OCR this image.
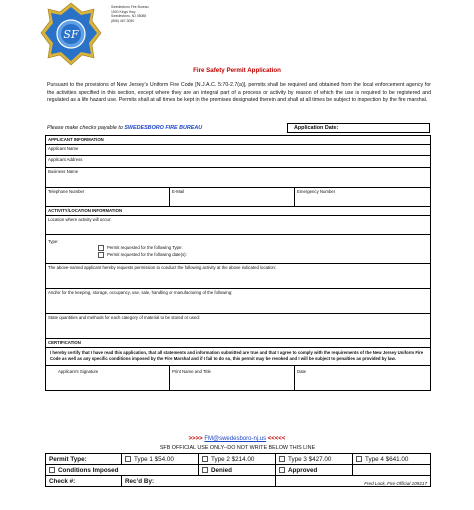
SF
Swedesboro Fire Bureau
1500 Kings Hwy
Swedesboro, NJ 08085
(856) 467-3050
Fire Safety Permit Application
Pursuant to the provisions of New Jersey’s Uniform Fire Code [N.J.A.C. 5:70-2.7(a)], permits shall be required and obtained from the local enforcement agency for the activities specified in this section, except where they are an integral part of a process or activity by reason of which the use is required to be registered and regulated as a life hazard use. Permits shall at all times be kept in the premises designated therein and shall at all times be subject to inspection by the fire marshal.
Please make checks payable to SWEDESBORO FIRE BUREAU	Application Date:
APPLICANT INFORMATION		
Applicant Name		
Applicant Address		
Business Name		
Telephone Number	E-Mail	Emergency Number
ACTIVITY/LOCATION INFORMATION		
Location where activity will occur:		

Type:
Permit requested for the following Type:
Permit requested for the following date(s):		

The above-named applicant hereby requests permission to conduct the following activity at the above indicated location:		
And/or for the keeping, storage, occupancy, use, sale, handling or manufacturing of the following:		
State quantities and methods for each category of material to be stored or used:		
CERTIFICATION		
I hereby certify that I have read this application, that all statements and information submitted are true and that I agree to comply with the requirements of the New Jersey Uniform Fire Code as well as any specific conditions imposed by the Fire Marshal and if I fail to do so, this permit may be revoked and I will be subject to penalties as provided by law.		
Applicant’s Signature	Print Name and Title	Date
>>>> FM@swedesboro-nj.us <<<<<
SFB OFFICIAL USE ONLY--DO NOT WRITE BELOW THIS LINE
Permit Type:	Type 1 $54.00	Type 2 $214.00	Type 3 $427.00	Type 4 $641.00
Conditions Imposed		Denied	Approved	
Check #:	Rec’d By:		Fred Lock, Fire Official 109217	
